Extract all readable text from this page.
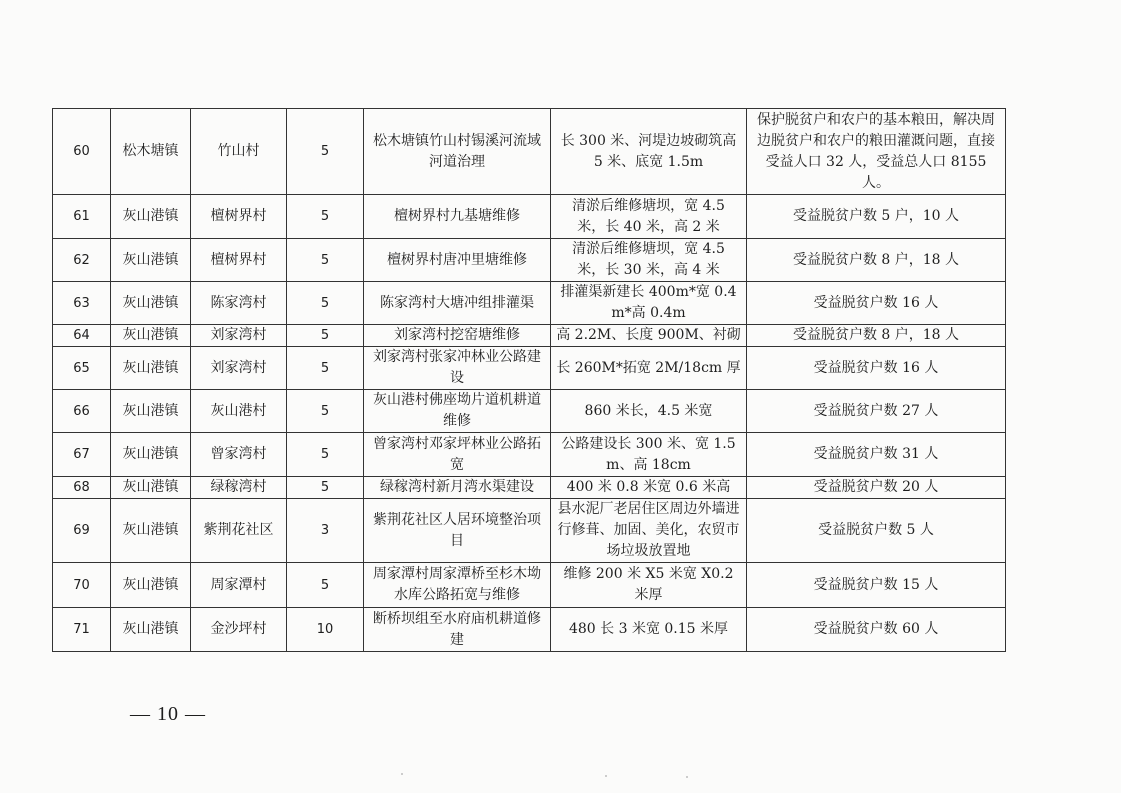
60	松木塘镇	竹山村	5	松木塘镇竹山村锡溪河流域河道治理	长 300 米、河堤边坡砌筑高 5 米、底宽 1.5m	保护脱贫户和农户的基本粮田，解决周边脱贫户和农户的粮田灌溉问题，直接受益人口 32 人，受益总人口 8155 人。
61	灰山港镇	檀树界村	5	檀树界村九基塘维修	清淤后维修塘坝，宽 4.5 米，长 40 米，高 2 米	受益脱贫户数 5 户，10 人
62	灰山港镇	檀树界村	5	檀树界村唐冲里塘维修	清淤后维修塘坝，宽 4.5 米，长 30 米，高 4 米	受益脱贫户数 8 户，18 人
63	灰山港镇	陈家湾村	5	陈家湾村大塘冲组排灌渠	排灌渠新建长 400m*宽 0.4m*高 0.4m	受益脱贫户数 16 人
64	灰山港镇	刘家湾村	5	刘家湾村挖窑塘维修	高 2.2M、长度 900M、衬砌	受益脱贫户数 8 户，18 人
65	灰山港镇	刘家湾村	5	刘家湾村张家冲林业公路建设	长 260M*拓宽 2M/18cm 厚	受益脱贫户数 16 人
66	灰山港镇	灰山港村	5	灰山港村佛座坳片道机耕道维修	860 米长，4.5 米宽	受益脱贫户数 27 人
67	灰山港镇	曾家湾村	5	曾家湾村邓家坪林业公路拓宽	公路建设长 300 米、宽 1.5m、高 18cm	受益脱贫户数 31 人
68	灰山港镇	绿稼湾村	5	绿稼湾村新月湾水渠建设	400 米 0.8 米宽 0.6 米高	受益脱贫户数 20 人
69	灰山港镇	紫荆花社区	3	紫荆花社区人居环境整治项目	县水泥厂老居住区周边外墙进行修葺、加固、美化，农贸市场垃圾放置地	受益脱贫户数 5 人
70	灰山港镇	周家潭村	5	周家潭村周家潭桥至杉木坳水库公路拓宽与维修	维修 200 米 X5 米宽 X0.2 米厚	受益脱贫户数 15 人
71	灰山港镇	金沙坪村	10	断桥坝组至水府庙机耕道修建	480 长 3 米宽 0.15 米厚	受益脱贫户数 60 人
— 10 —
